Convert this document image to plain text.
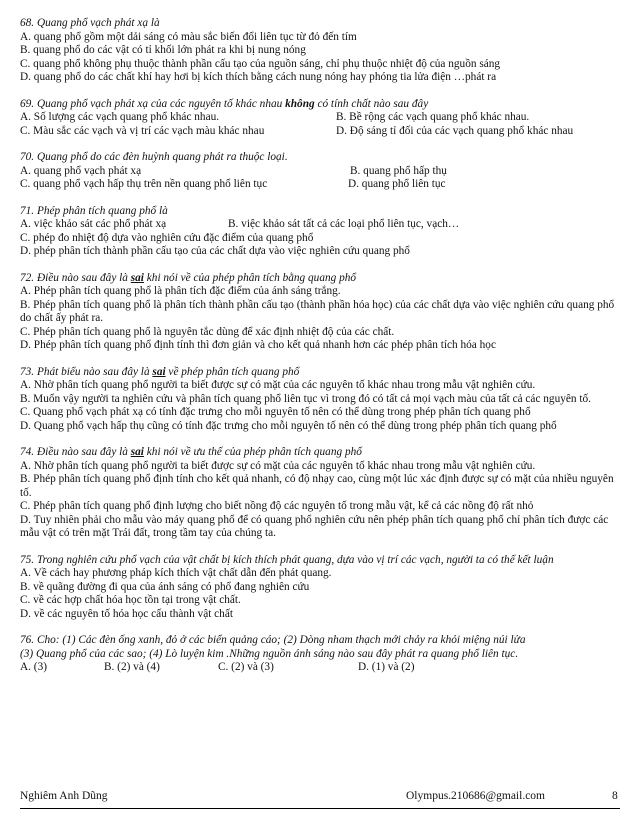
68. Quang phổ vạch phát xạ là
A. quang phổ gồm một dải sáng có màu sắc biến đổi liên tục từ đỏ đến tím
B. quang phổ do các vật có tỉ khối lớn phát ra khi bị nung nóng
C. quang phổ không phụ thuộc thành phần cấu tạo của nguồn sáng, chỉ phụ thuộc nhiệt độ của nguồn sáng
D. quang phổ do các chất khí hay hơi bị kích thích bằng cách nung nóng hay phóng tia lửa điện …phát ra
69. Quang phổ vạch phát xạ của các nguyên tố khác nhau không có tính chất nào sau đây
A. Số lượng các vạch quang phổ khác nhau.	B. Bề rộng các vạch quang phổ khác nhau.
C. Màu sắc các vạch và vị trí các vạch màu khác nhau	D. Độ sáng tỉ đối của các vạch quang phổ khác nhau
70. Quang phổ do các đèn huỳnh quang phát ra thuộc loại.
A. quang phổ vạch phát xạ	B. quang phổ hấp thụ
C. quang phổ vạch hấp thụ trên nền quang phổ liên tục	D. quang phổ liên tục
71. Phép phân tích quang phổ là
A. việc khảo sát các phổ phát xạ	B. việc khảo sát tất cả các loại phổ liên tục, vạch…
C. phép đo nhiệt độ dựa vào nghiên cứu đặc điểm của quang phổ
D. phép phân tích thành phần cấu tạo của các chất dựa vào việc nghiên cứu quang phổ
72. Điều nào sau đây là sai khi nói về của phép phân tích bằng quang phổ
A. Phép phân tích quang phổ là phân tích đặc điểm của ánh sáng trắng.
B. Phép phân tích quang phổ là phân tích thành phần cấu tạo (thành phần hóa học) của các chất dựa vào việc nghiên cứu quang phổ do chất ấy phát ra.
C. Phép phân tích quang phổ là nguyên tắc dùng để xác định nhiệt độ của các chất.
D. Phép phân tích quang phổ định tính thì đơn giản và cho kết quả nhanh hơn các phép phân tích hóa học
73. Phát biểu nào sau đây là sai về phép phân tích quang phổ
A. Nhờ phân tích quang phổ người ta biết được sự có mặt của các nguyên tố khác nhau trong mẫu vật nghiên cứu.
B. Muốn vậy người ta nghiên cứu và phân tích quang phổ liên tục vì trong đó có tất cả mọi vạch màu của tất cả các nguyên tố.
C. Quang phổ vạch phát xạ có tính đặc trưng cho mỗi nguyên tố nên có thể dùng trong phép phân tích quang phổ
D. Quang phổ vạch hấp thụ cũng có tính đặc trưng cho mỗi nguyên tố nên có thể dùng trong phép phân tích quang phổ
74. Điều nào sau đây là sai khi nói về ưu thế của phép phân tích quang phổ
A. Nhờ phân tích quang phổ người ta biết được sự có mặt của các nguyên tố khác nhau trong mẫu vật nghiên cứu.
B. Phép phân tích quang phổ định tính cho kết quả nhanh, có độ nhạy cao, cùng một lúc xác định được sự có mặt của nhiều nguyên tố.
C. Phép phân tích quang phổ định lượng cho biết nồng độ các nguyên tố trong mẫu vật, kể cả các nồng độ rất nhỏ
D. Tuy nhiên phải cho mẫu vào máy quang phổ để có quang phổ nghiên cứu nên phép phân tích quang phổ chỉ phân tích được các mẫu vật có trên mặt Trái đất, trong tầm tay của chúng ta.
75. Trong nghiên cứu phổ vạch của vật chất bị kích thích phát quang, dựa vào vị trí các vạch, người ta có thể kết luận
A. Về cách hay phương pháp kích thích vật chất dẫn đến phát quang.
B. về quãng đường đi qua của ánh sáng có phổ đang nghiên cứu
C. về các hợp chất hóa học tồn tại trong vật chất.
D. về các nguyên tố hóa học cấu thành vật chất
76. Cho: (1) Các đèn ống xanh, đỏ ở các biển quảng cáo; (2) Dòng nham thạch mới chảy ra khỏi miệng núi lửa
(3) Quang phổ của các sao; (4) Lò luyện kim .Những nguồn ánh sáng nào sau đây phát ra quang phổ liên tục.
A. (3)	B. (2) và (4)	C. (2) và (3)	D. (1) và (2)
Nghiêm Anh Dũng	Olympus.210686@gmail.com	8
